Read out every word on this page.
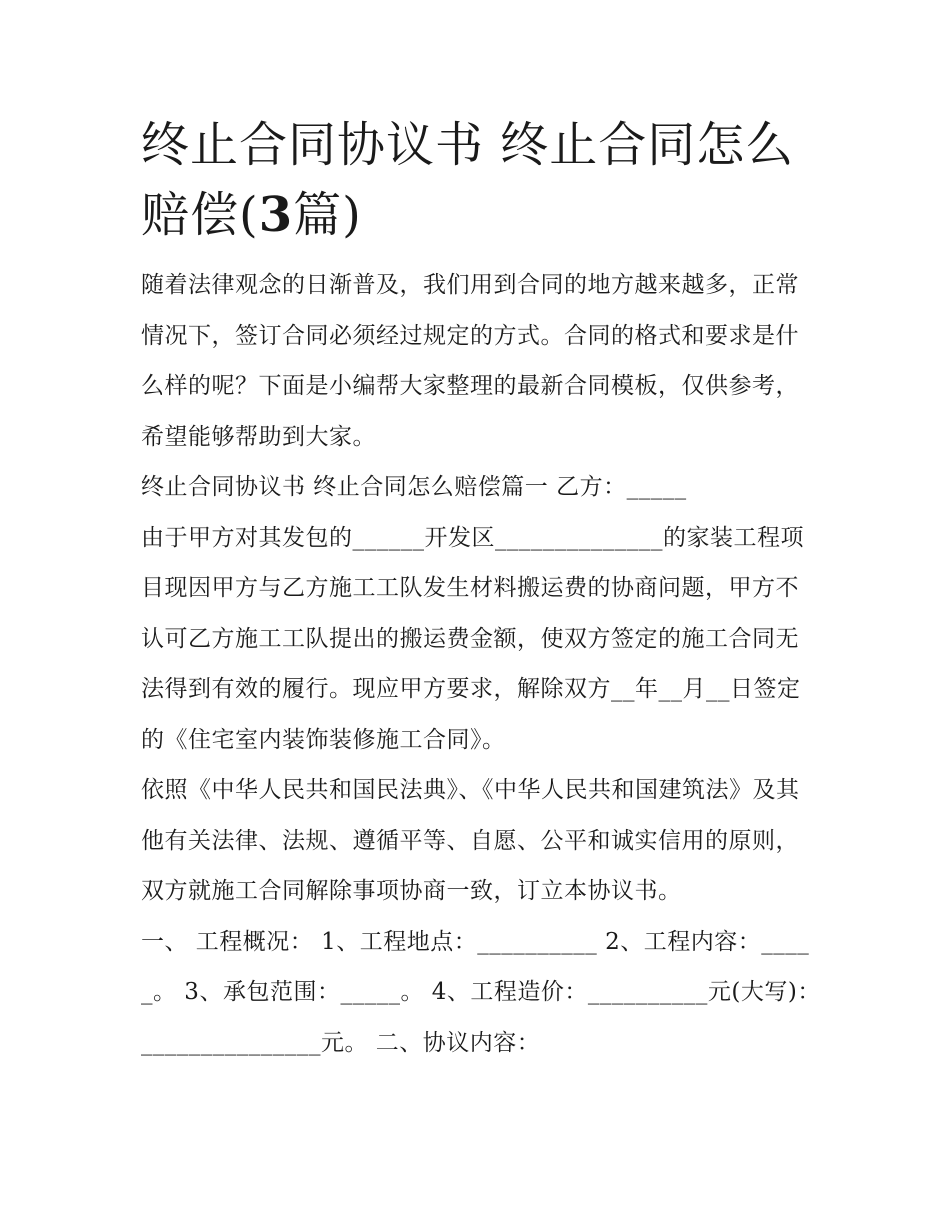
终止合同协议书 终止合同怎么赔偿(3篇)

随着法律观念的日渐普及，我们用到合同的地方越来越多，正常情况下，签订合同必须经过规定的方式。合同的格式和要求是什么样的呢？下面是小编帮大家整理的最新合同模板，仅供参考，希望能够帮助到大家。

终止合同协议书 终止合同怎么赔偿篇一 乙方：_____

由于甲方对其发包的______开发区______________的家装工程项目现因甲方与乙方施工工队发生材料搬运费的协商问题，甲方不认可乙方施工工队提出的搬运费金额，使双方签定的施工合同无法得到有效的履行。现应甲方要求，解除双方__年__月__日签定的《住宅室内装饰装修施工合同》。

依照《中华人民共和国民法典》、《中华人民共和国建筑法》及其他有关法律、法规、遵循平等、自愿、公平和诚实信用的原则，双方就施工合同解除事项协商一致，订立本协议书。

一、 工程概况： 1、工程地点：__________ 2、工程内容：_____。 3、承包范围：_____。 4、工程造价：__________元(大写)： _______________元。 二、协议内容：
